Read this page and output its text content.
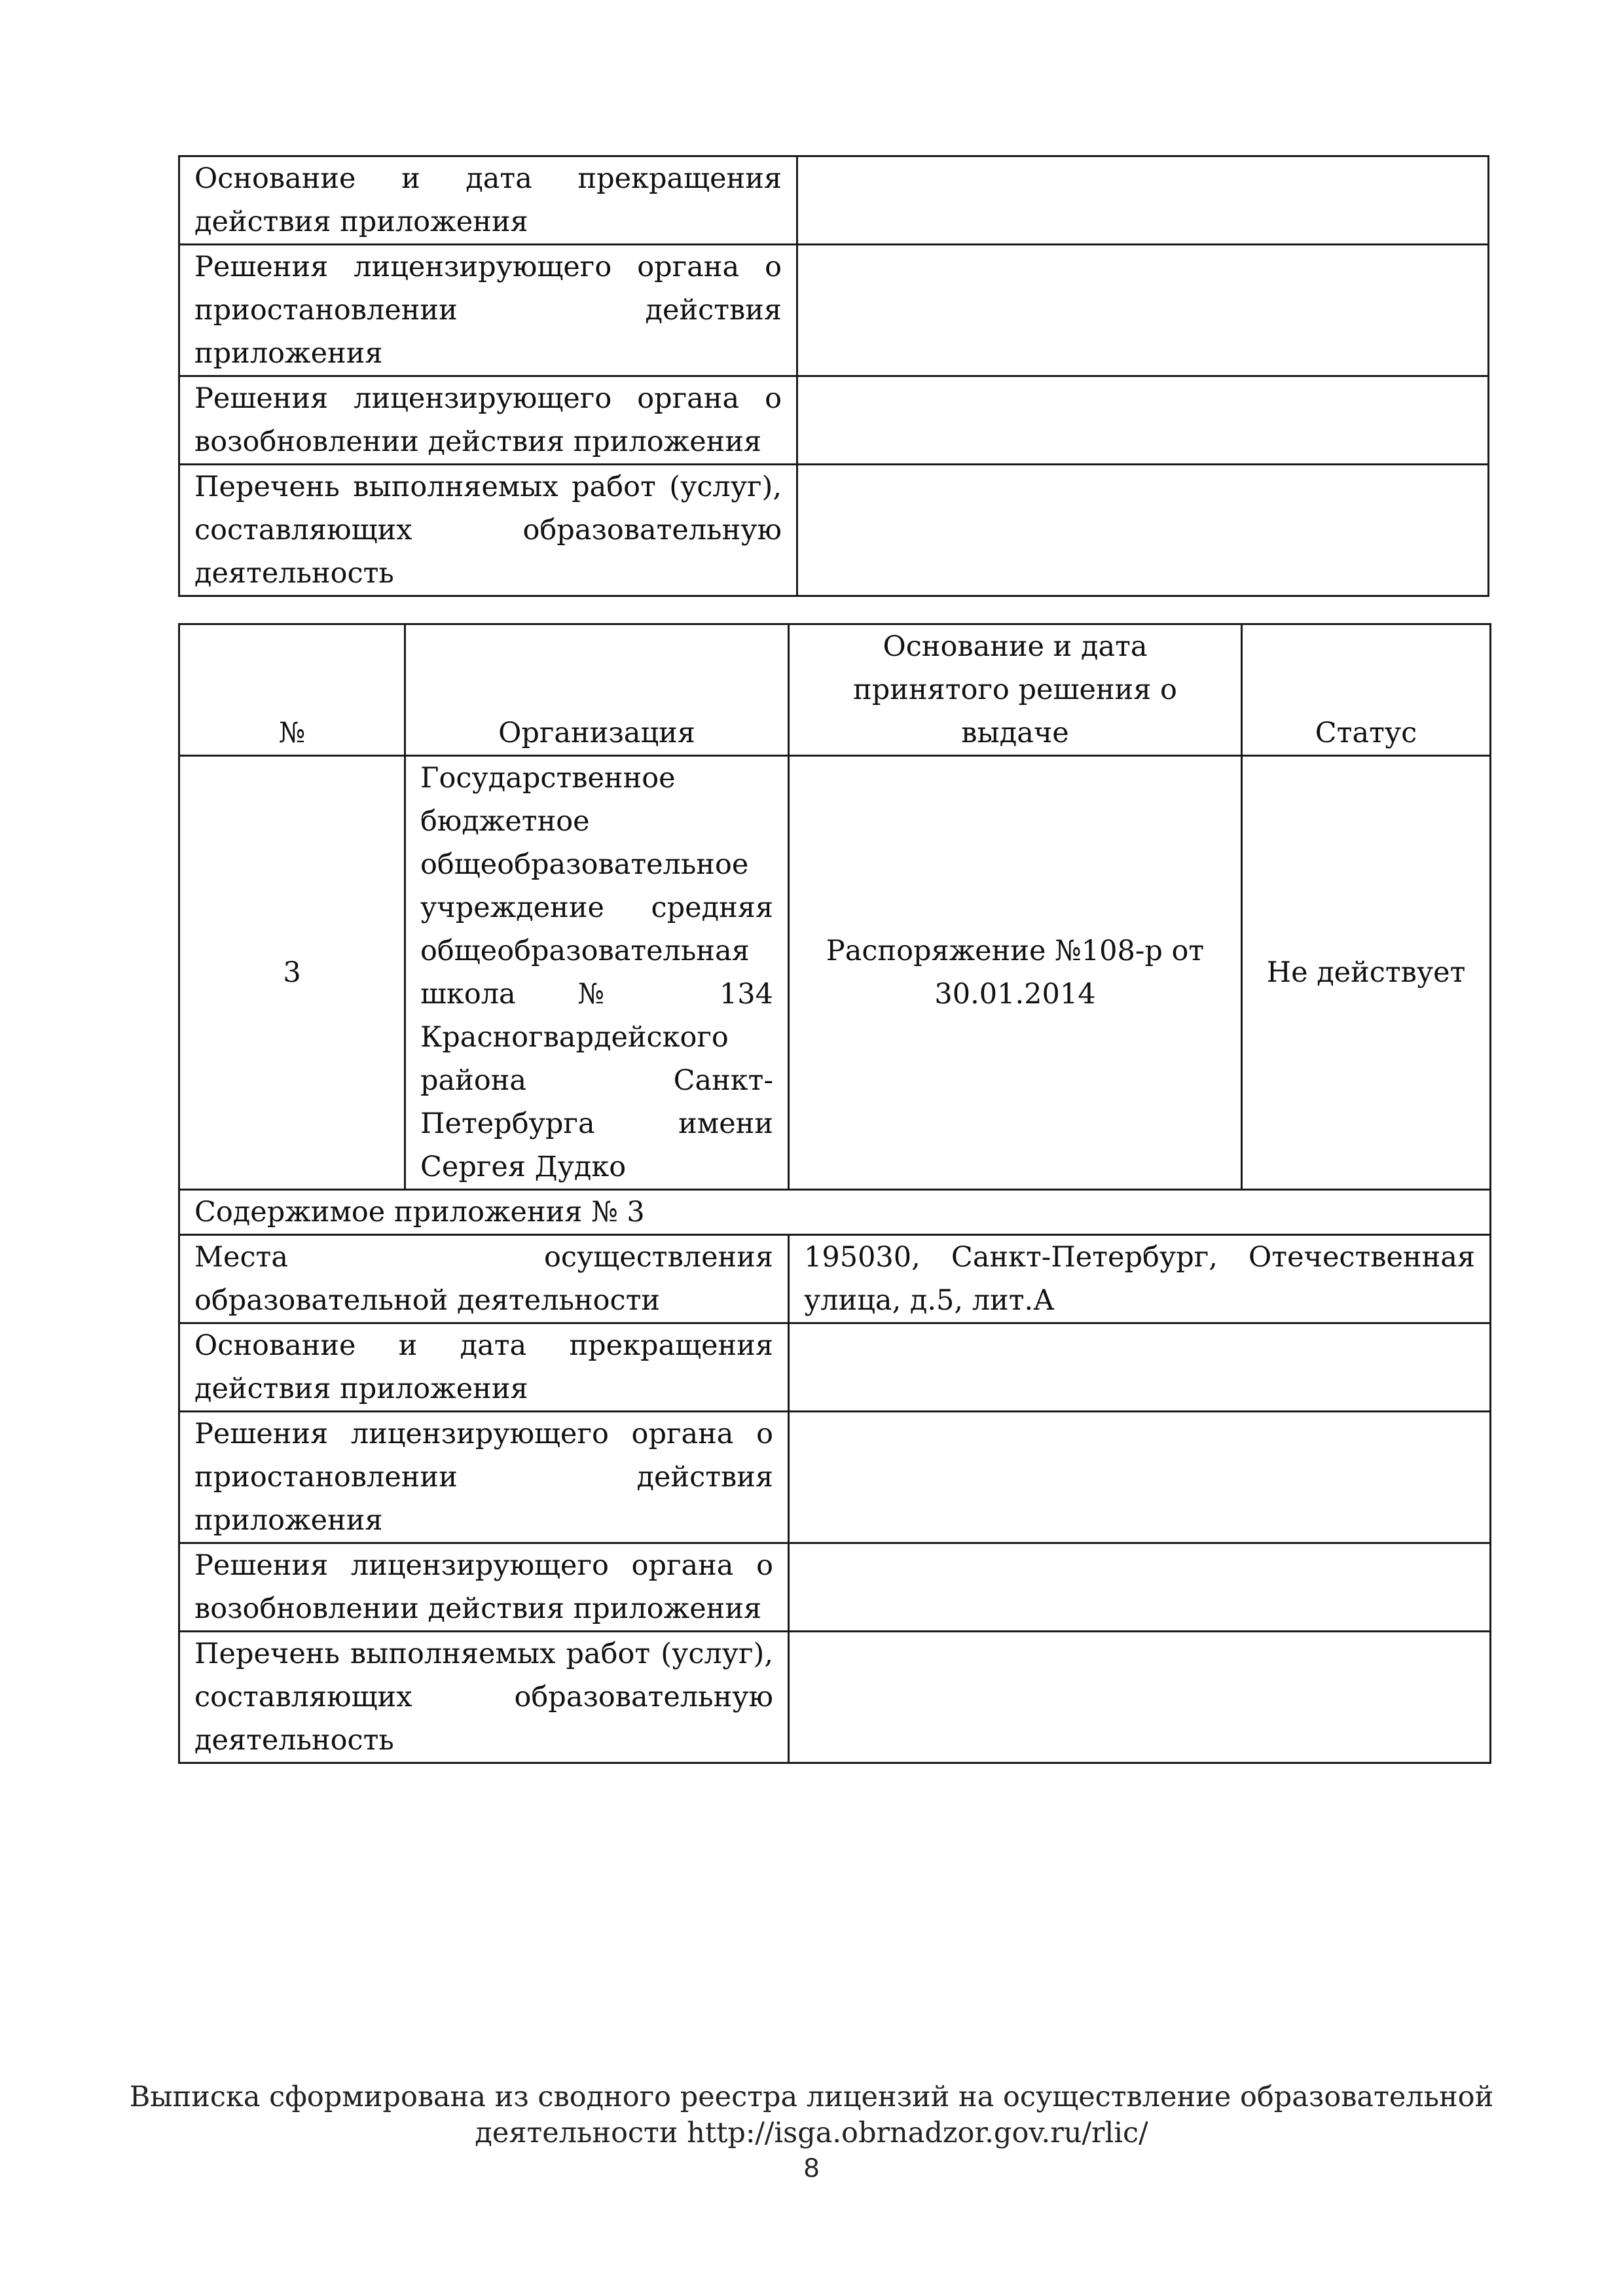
Основание и дата прекращения действия приложения	
Решения лицензирующего органа о приостановлении действия приложения	
Решения лицензирующего органа о возобновлении действия приложения	
Перечень выполняемых работ (услуг), составляющих образовательную деятельность	
№	Организация	Основание и дата принятого решения о выдаче	Статус
3	Государственное бюджетное общеобразовательное учреждение средняя общеобразовательная школа № 134 Красногвардейского района Санкт-Петербурга имени Сергея Дудко	Распоряжение №108-р от 30.01.2014	Не действует
Содержимое приложения № 3			
Места осуществления образовательной деятельности		195030, Санкт-Петербург, Отечественная улица, д.5, лит.А	
Основание и дата прекращения действия приложения			
Решения лицензирующего органа о приостановлении действия приложения			
Решения лицензирующего органа о возобновлении действия приложения			
Перечень выполняемых работ (услуг), составляющих образовательную деятельность			
Выписка сформирована из сводного реестра лицензий на осуществление образовательной
деятельности http://isga.obrnadzor.gov.ru/rlic/
8
